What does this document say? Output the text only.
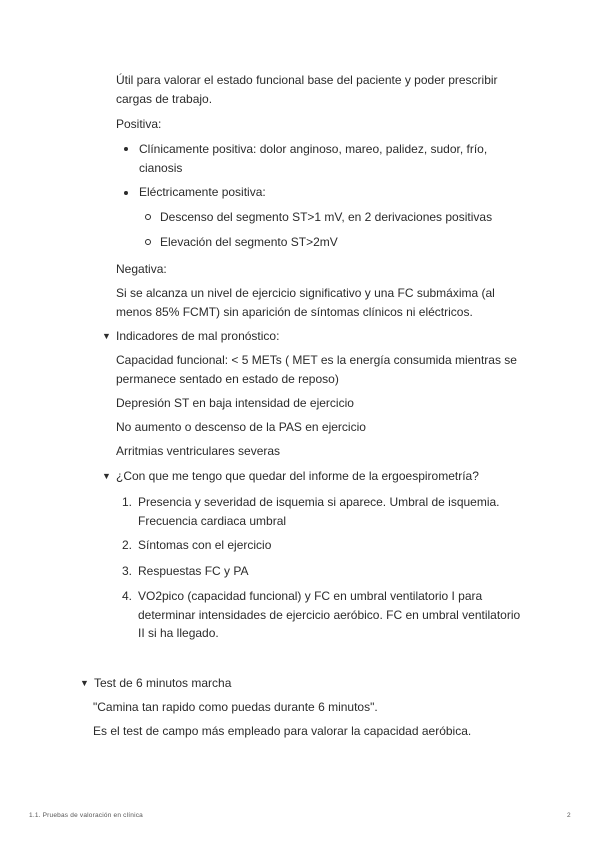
Útil para valorar el estado funcional base del paciente y poder prescribir
cargas de trabajo.
Positiva:
Clínicamente positiva: dolor anginoso, mareo, palidez, sudor, frío,
cianosis
Eléctricamente positiva:
Descenso del segmento ST>1 mV, en 2 derivaciones positivas
Elevación del segmento ST>2mV
Negativa:
Si se alcanza un nivel de ejercicio significativo y una FC submáxima (al
menos 85% FCMT) sin aparición de síntomas clínicos ni eléctricos.
▼ Indicadores de mal pronóstico:
Capacidad funcional: < 5 METs ( MET es la energía consumida mientras se
permanece sentado en estado de reposo)
Depresión ST en baja intensidad de ejercicio
No aumento o descenso de la PAS en ejercicio
Arritmias ventriculares severas
▼ ¿Con que me tengo que quedar del informe de la ergoespirometría?
1. Presencia y severidad de isquemia si aparece. Umbral de isquemia.
Frecuencia cardiaca umbral
2. Síntomas con el ejercicio
3. Respuestas FC y PA
4. VO2pico (capacidad funcional) y FC en umbral ventilatorio I para
determinar intensidades de ejercicio aeróbico. FC en umbral ventilatorio
II si ha llegado.
▼ Test de 6 minutos marcha
"Camina tan rapido como puedas durante 6 minutos".
Es el test de campo más empleado para valorar la capacidad aeróbica.
1.1. Pruebas de valoración en clínica	2
